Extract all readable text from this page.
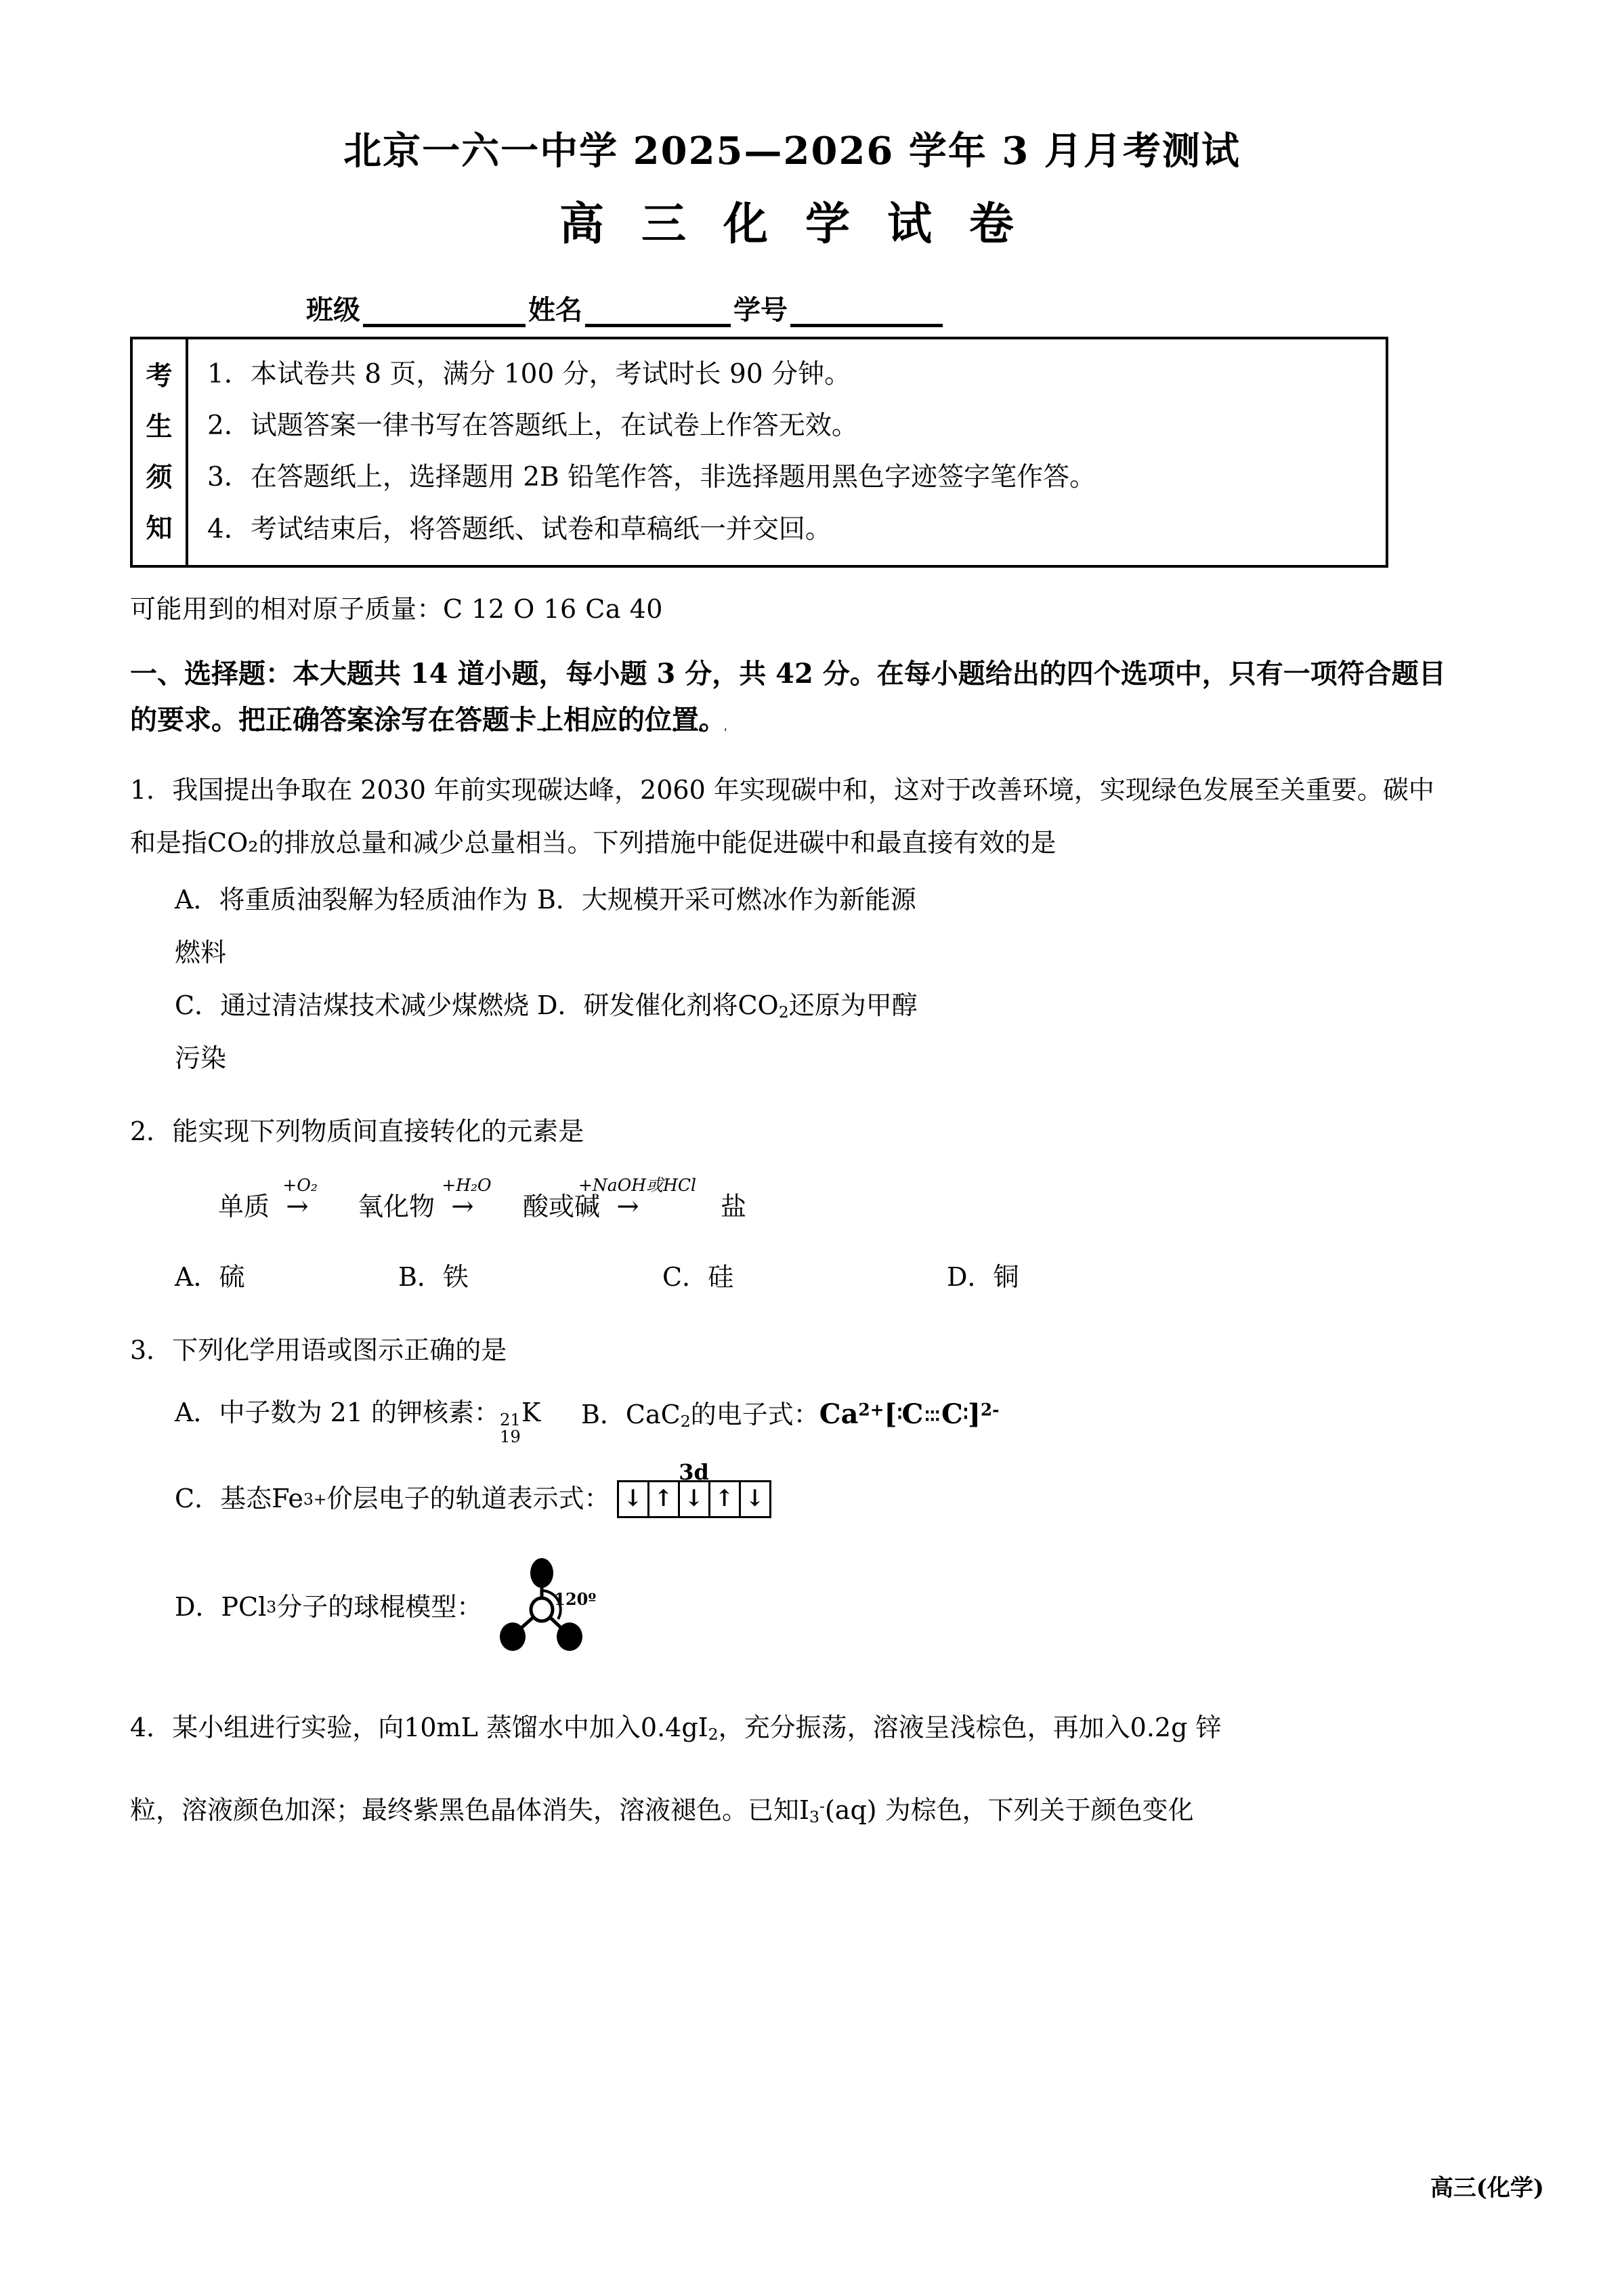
北京一六一中学 2025—2026 学年 3 月月考测试
高 三 化 学 试 卷
班级	姓名	学号
考
生
须
知
1．本试卷共 8 页，满分 100 分，考试时长 90 分钟。
2．试题答案一律书写在答题纸上，在试卷上作答无效。
3．在答题纸上，选择题用 2B 铅笔作答，非选择题用黑色字迹签字笔作答。
4．考试结束后，将答题纸、试卷和草稿纸一并交回。
可能用到的相对原子质量：C 12 O 16 Ca 40
一、选择题：本大题共 14 道小题，每小题 3 分，共 42 分。在每小题给出的四个选项中，只有一项符合题目的要求。把正确答案涂写在答题卡上相应的位置。
1．我国提出争取在 2030 年前实现碳达峰，2060 年实现碳中和，这对于改善环境，实现绿色发展至关重要。碳中和是指CO₂的排放总量和减少总量相当。下列措施中能促进碳中和最直接有效的是
A．将重质油裂解为轻质油作为燃料
B．大规模开采可燃冰作为新能源
C．通过清洁煤技术减少煤燃烧污染
D．研发催化剂将$CO_2$还原为甲醇
2．能实现下列物质间直接转化的元素是
单质
+O₂
→	氧化物
+H₂O
→	酸或碱
+NaOH或HCl
→	盐
A．硫	B．铁	C．硅	D．铜
3．下列化学用语或图示正确的是
A．中子数为 21 的钾核素： 21
19
K	B．CaC$_2$的电子式：$Ca^{2+}[∶C∶∶∶C∶]^{2-}$
C．基态Fe 3+ 价层电子的轨道表示式：
3d
↓ ↑ ↓ ↑ ↓
D．PCl 3 分子的球棍模型：	120º
4．某小组进行实验，向10mL 蒸馏水中加入$0.4gI_2$，充分振荡，溶液呈浅棕色，再加入0.2g 锌
粒，溶液颜色加深；最终紫黑色晶体消失，溶液褪色。已知$I_3^-(aq)$ 为棕色，下列关于颜色变化
高三(化学)
